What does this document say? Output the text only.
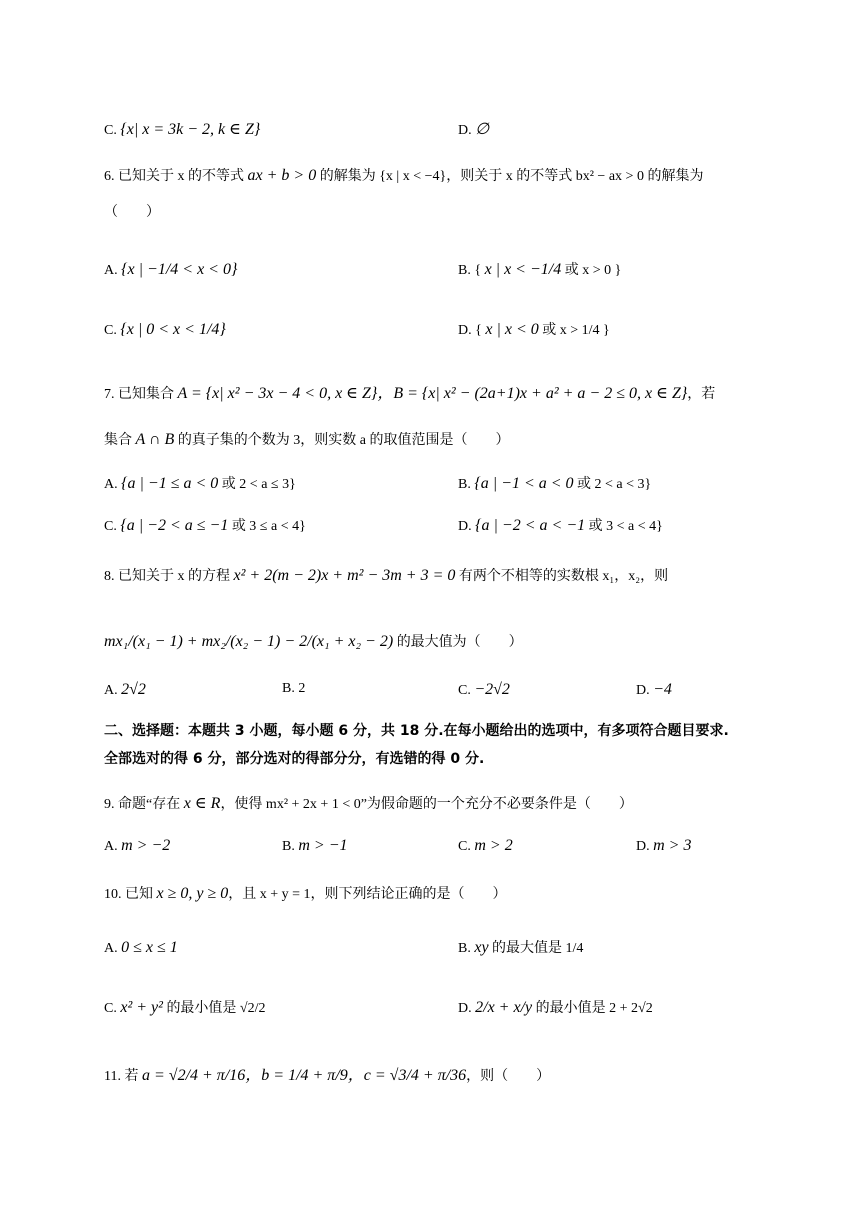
C. {x| x = 3k − 2, k ∈ Z}	D. ∅
6. 已知关于 x 的不等式 ax + b > 0 的解集为 {x | x < −4}，则关于 x 的不等式 bx² − ax > 0 的解集为
（　　）
A. {x | −1/4 < x < 0}	B. { x | x < −1/4 或 x > 0 }
C. {x | 0 < x < 1/4}	D. { x | x < 0 或 x > 1/4 }
7. 已知集合 A = {x| x² − 3x − 4 < 0, x ∈ Z}，B = {x| x² − (2a+1)x + a² + a − 2 ≤ 0, x ∈ Z}，若
集合 A ∩ B 的真子集的个数为 3，则实数 a 的取值范围是（　　）
A. {a | −1 ≤ a < 0 或 2 < a ≤ 3}	B. {a | −1 < a < 0 或 2 < a < 3}
C. {a | −2 < a ≤ −1 或 3 ≤ a < 4}	D. {a | −2 < a < −1 或 3 < a < 4}
8. 已知关于 x 的方程 x² + 2(m − 2)x + m² − 3m + 3 = 0 有两个不相等的实数根 x₁，x₂，则
mx₁/(x₁ − 1) + mx₂/(x₂ − 1) − 2/(x₁ + x₂ − 2) 的最大值为（　　）
A. 2√2	B. 2	C. −2√2	D. −4
二、选择题：本题共 3 小题，每小题 6 分，共 18 分.在每小题给出的选项中，有多项符合题目要求.
全部选对的得 6 分，部分选对的得部分分，有选错的得 0 分.
9. 命题“存在 x ∈ R，使得 mx² + 2x + 1 < 0”为假命题的一个充分不必要条件是（　　）
A. m > −2	B. m > −1	C. m > 2	D. m > 3
10. 已知 x ≥ 0, y ≥ 0，且 x + y = 1，则下列结论正确的是（　　）
A. 0 ≤ x ≤ 1	B. xy 的最大值是 1/4
C. x² + y² 的最小值是 √2/2	D. 2/x + x/y 的最小值是 2 + 2√2
11. 若 a = √2/4 + π/16，b = 1/4 + π/9，c = √3/4 + π/36，则（　　）
